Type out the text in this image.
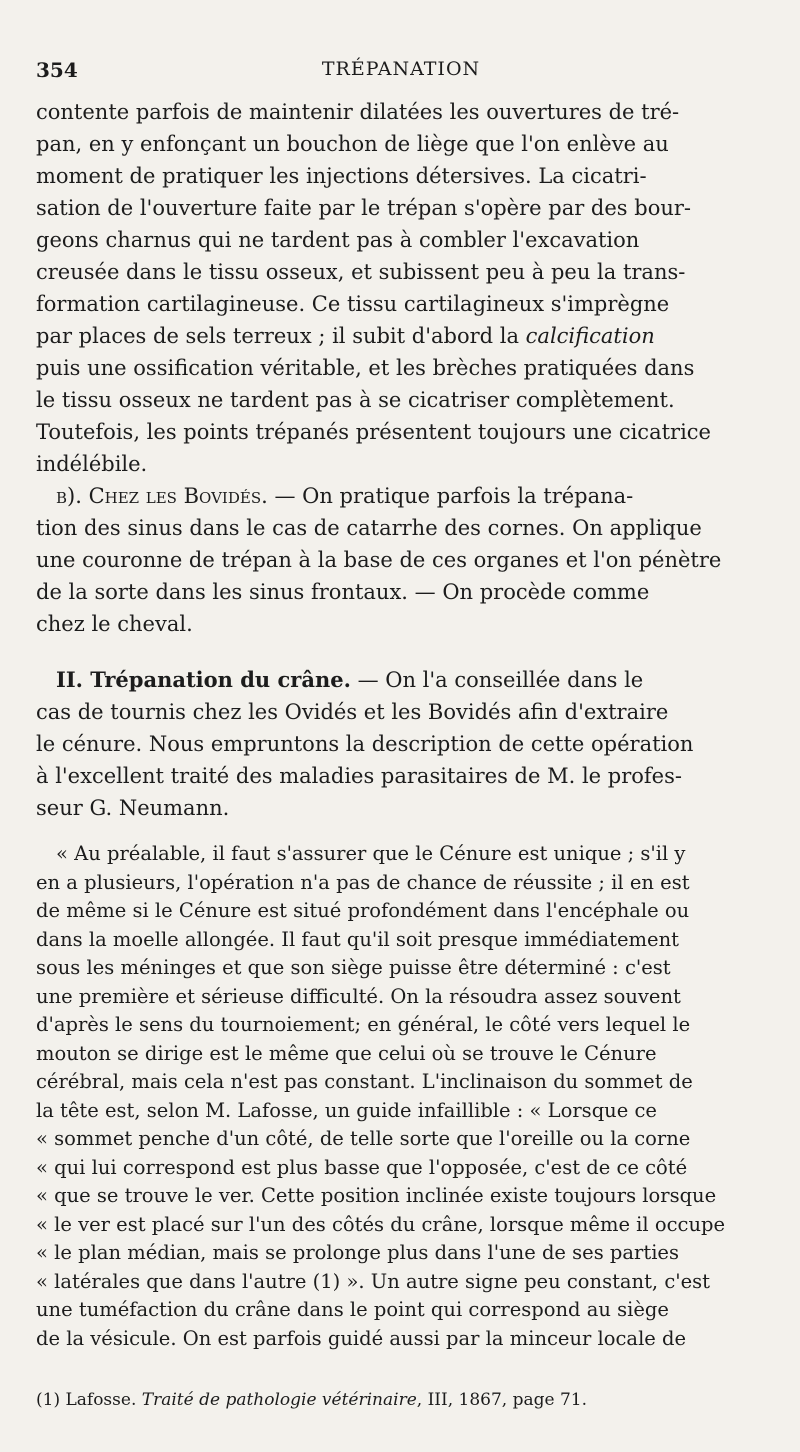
TRÉPANATION
354
contente parfois de maintenir dilatées les ouvertures de tré-
pan, en y enfonçant un bouchon de liège que l'on enlève au
moment de pratiquer les injections détersives. La cicatri-
sation de l'ouverture faite par le trépan s'opère par des bour-
geons charnus qui ne tardent pas à combler l'excavation
creusée dans le tissu osseux, et subissent peu à peu la trans-
formation cartilagineuse. Ce tissu cartilagineux s'imprègne
par places de sels terreux ; il subit d'abord la calcification
puis une ossification véritable, et les brèches pratiquées dans
le tissu osseux ne tardent pas à se cicatriser complètement.
Toutefois, les points trépanés présentent toujours une cicatrice
indélébile.
b). Chez les Bovidés. — On pratique parfois la trépana-
tion des sinus dans le cas de catarrhe des cornes. On applique
une couronne de trépan à la base de ces organes et l'on pénètre
de la sorte dans les sinus frontaux. — On procède comme
chez le cheval.
II. Trépanation du crâne. — On l'a conseillée dans le
cas de tournis chez les Ovidés et les Bovidés afin d'extraire
le cénure. Nous empruntons la description de cette opération
à l'excellent traité des maladies parasitaires de M. le profes-
seur G. Neumann.
« Au préalable, il faut s'assurer que le Cénure est unique ; s'il y
en a plusieurs, l'opération n'a pas de chance de réussite ; il en est
de même si le Cénure est situé profondément dans l'encéphale ou
dans la moelle allongée. Il faut qu'il soit presque immédiatement
sous les méninges et que son siège puisse être déterminé : c'est
une première et sérieuse difficulté. On la résoudra assez souvent
d'après le sens du tournoiement; en général, le côté vers lequel le
mouton se dirige est le même que celui où se trouve le Cénure
cérébral, mais cela n'est pas constant. L'inclinaison du sommet de
la tête est, selon M. Lafosse, un guide infaillible : « Lorsque ce
« sommet penche d'un côté, de telle sorte que l'oreille ou la corne
« qui lui correspond est plus basse que l'opposée, c'est de ce côté
« que se trouve le ver. Cette position inclinée existe toujours lorsque
« le ver est placé sur l'un des côtés du crâne, lorsque même il occupe
« le plan médian, mais se prolonge plus dans l'une de ses parties
« latérales que dans l'autre (1) ». Un autre signe peu constant, c'est
une tuméfaction du crâne dans le point qui correspond au siège
de la vésicule. On est parfois guidé aussi par la minceur locale de
(1) Lafosse. Traité de pathologie vétérinaire, III, 1867, page 71.
